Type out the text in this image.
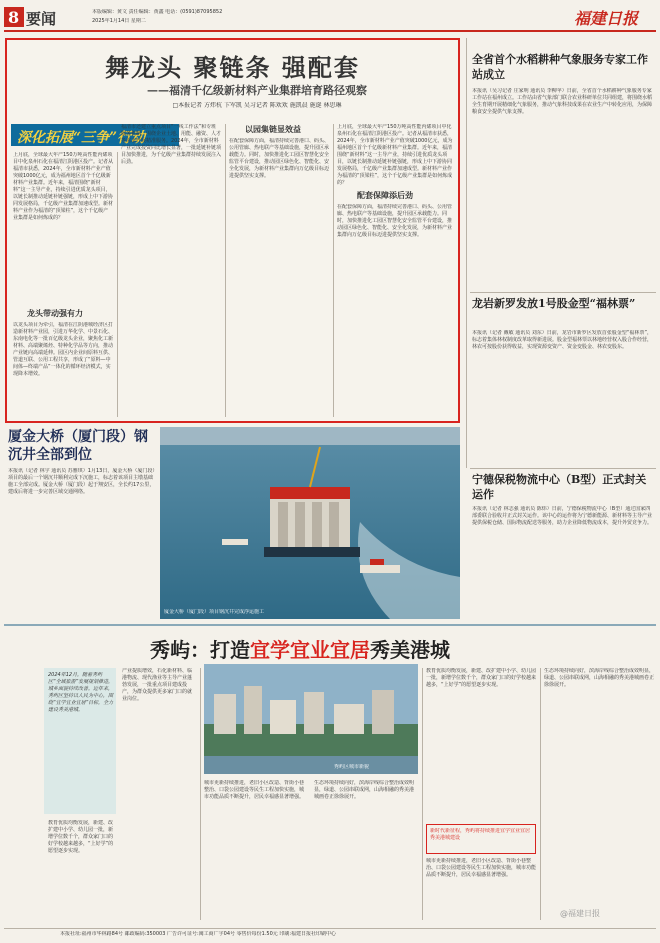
8 要闻	本版编辑：黄文 责任编辑：黄鑫 电话：(0591)87095852
2025年1月14日 星期二	福建日报
舞龙头 聚链条 强配套
——福清千亿级新材料产业集群培育路径观察
□本报记者 方炜杭 卞军凯 吴习记者 陈欢欢 施凯晨 施诞 林思琳
深化拓展“三争”行动
上月底，全球最大年产150万吨高性能丙烯项目中化泉州石化在福清江阴港区投产。记者从福清市获悉，2024年，全市新材料产业产值突破1000亿元，成为福州地区首个千亿级新材料产业集群。近年来，福清围绕“新材料”这一主导产业，持续引进优质龙头项目，以链长制推动延链补链强链，形成上中下游协同发展格局，千亿级产业集群加速成型。新材料产业作为福清的“顶梁柱”，这个千亿级产业集群是如何炼成的？
龙头带动强有力
以龙头项目为牵引，福清在江阴港城经济区打造新材料产业园，引进万华化学、中景石化、东南电化等一批百亿级龙头企业，聚焦化工新材料、高端聚烯烃、特种化学品等方向，推动产业链向高端延伸。园区内企业间原料互供、管道互联、公用工程共享，形成了“原料—中间体—终端产品”一体化的循环经济模式，实现降本增效。
福清市还建立重点项目“一线工作法”和专班服务机制，围绕企业土地、用能、融资、人才等需求开展精准服务。2024年，全市新材料产业完成投资同比增长显著，一批延链补链项目加快推进，为千亿级产业集群持续发展注入后劲。
以园集链显效益
在配套保障方面，福清持续完善港口、码头、公用管廊、热电联产等基础设施，提升园区承载能力。同时，加快推进化工园区智慧化安全监管平台建设，推动园区绿色化、智能化、安全化发展，为新材料产业集群向万亿级目标迈进提供坚实支撑。
配套保障添后劲
上月底，全球最大年产150万吨高性能丙烯项目中化泉州石化在福清江阴港区投产。记者从福清市获悉，2024年，全市新材料产业产值突破1000亿元，成为福州地区首个千亿级新材料产业集群。近年来，福清围绕“新材料”这一主导产业，持续引进优质龙头项目，以链长制推动延链补链强链，形成上中下游协同发展格局，千亿级产业集群加速成型。新材料产业作为福清的“顶梁柱”，这个千亿级产业集群是如何炼成的？
在配套保障方面，福清持续完善港口、码头、公用管廊、热电联产等基础设施，提升园区承载能力。同时，加快推进化工园区智慧化安全监管平台建设，推动园区绿色化、智能化、安全化发展，为新材料产业集群向万亿级目标迈进提供坚实支撑。
全省首个水稻耕种气象服务专家工作站成立
本报讯（吴习记者 庄家明 通讯员 李柳苹）日前，全省首个水稻耕种气象服务专家工作站在福州成立。工作站由省气象部门联合农业科研单位共同组建，将围绕水稻全生育期开展精细化气象服务，推动气象科技成果在农业生产中转化应用，为保障粮食安全提供气象支撑。
龙岩新罗发放1号股金型“福林票”
本报讯（记者 戴敏 通讯员 刘东）日前，龙岩市新罗区发放首张股金型“福林票”，标志着集体林权制度改革取得新进展。股金型福林票以林地经营权入股合作经营，林农可按股份获得收益，实现资源变资产、资金变股金、林农变股东。
宁德保税物流中心（B型）正式封关运作
本报讯（记者 林志强 通讯员 陈炜）日前，宁德保税物流中心（B型）通过国家四部委联合验收并正式封关运作。该中心的运作将为宁德新能源、新材料等主导产业提供保税仓储、国际物流配送等服务，助力企业降低物流成本，提升外贸竞争力。
厦金大桥（厦门段）钢沉井全部到位
本报讯（记者 林宇 通讯员 苏雅琪）1月13日，厦金大桥（厦门段）项目的最后一个钢沉井顺利完成下沉施工，标志着该项目主墩基础施工全部完成。厦金大桥（厦门段）起于翔安区，全长约17公里，建成后将进一步完善区域交通网络。
厦金大桥（厦门段）项目钢沉井完成浮运施工
秀屿：打造宜学宜业宜居秀美港城
2024年12月，随着秀屿区“全域旅游”发展规划推进，城乡面貌持续改善。近年来，秀屿区坚持以人民为中心，围绕“宜学宜业宜居”目标，全力建设秀美港城。
教育优质均衡发展，新建、改扩建中小学、幼儿园一批，新增学位数千个，群众家门口的好学校越来越多，“上好学”的愿望逐步实现。
产业提质增效，石化新材料、临港物流、现代渔业等主导产业蓬勃发展，一批重点项目建成投产，为群众提供更多家门口的就业岗位。
秀屿区城市新貌
城市更新持续推进，老旧小区改造、背街小巷整治、口袋公园建设等民生工程加快实施，城市功能品质不断提升，居民幸福感显著增强。
生态环境持续向好，滨海岸线综合整治成效明显，绿道、公园串联成网，山海相融的秀美港城画卷正徐徐展开。
教育优质均衡发展，新建、改扩建中小学、幼儿园一批，新增学位数千个，群众家门口的好学校越来越多，“上好学”的愿望逐步实现。
新时代新征程，秀屿将持续推进宜学宜业宜居秀美港城建设
城市更新持续推进，老旧小区改造、背街小巷整治、口袋公园建设等民生工程加快实施，城市功能品质不断提升，居民幸福感显著增强。
生态环境持续向好，滨海岸线综合整治成效明显，绿道、公园串联成网，山海相融的秀美港城画卷正徐徐展开。
本报社址:福州市华林路84号 邮政编码:350003 广告许可证号:闽工商广字04号 零售价每份1.50元 印刷:福建日报社印刷中心
@福建日报
